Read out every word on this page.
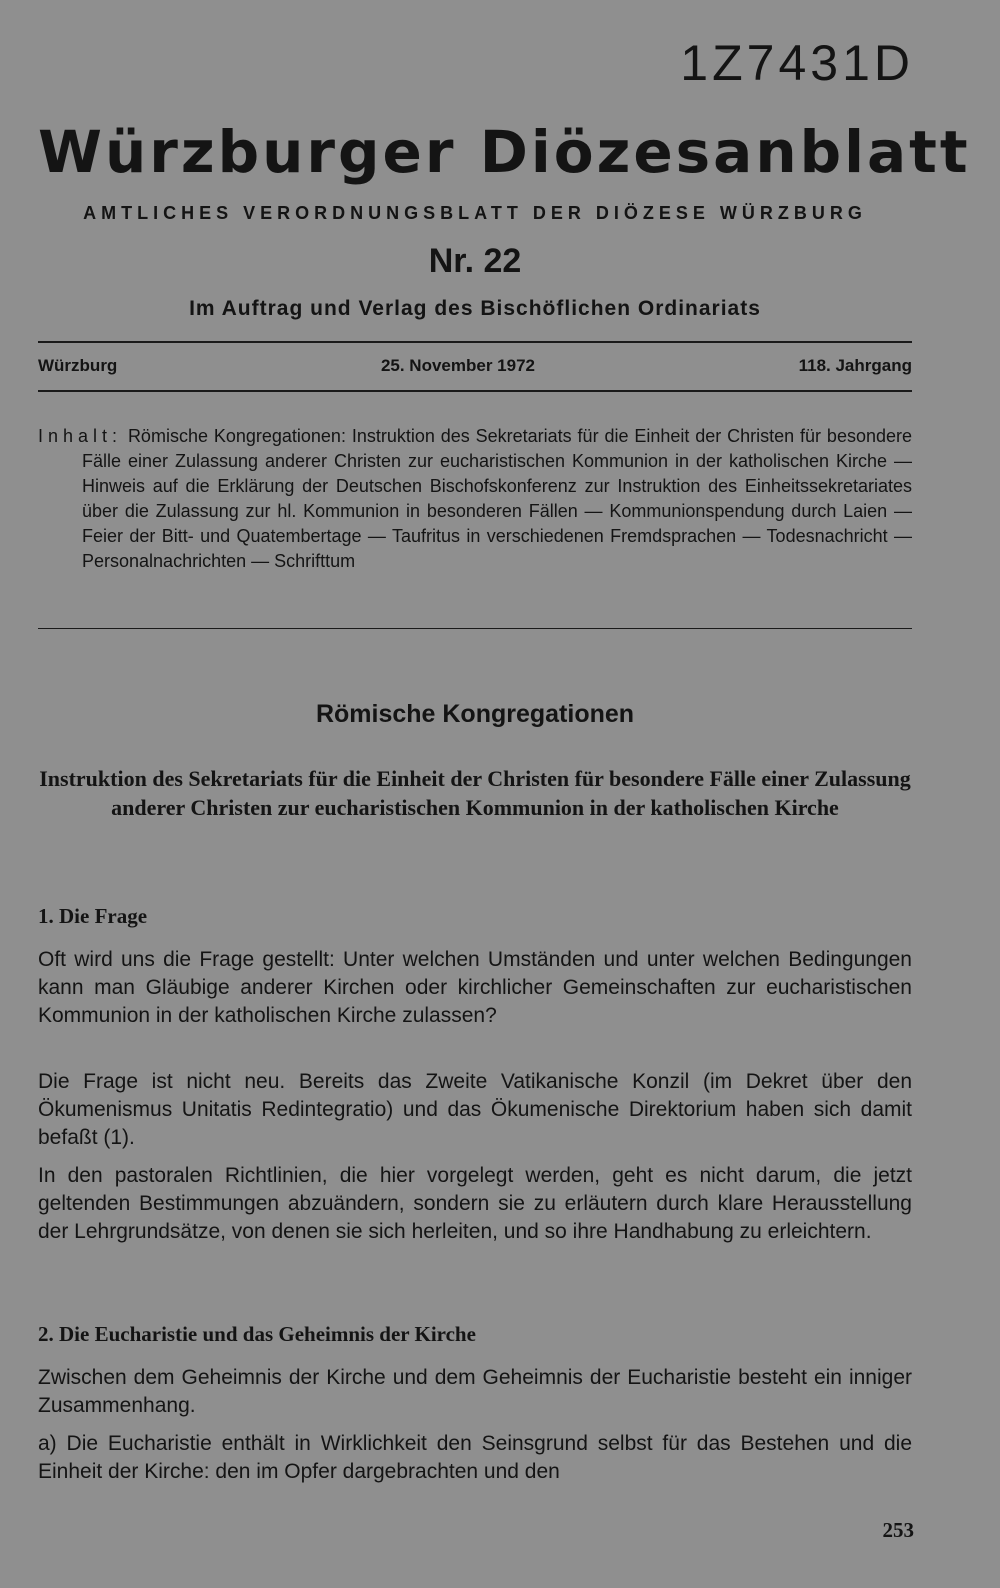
1Z7431D
Würzburger Diözesanblatt
AMTLICHES VERORDNUNGSBLATT DER DIÖZESE WÜRZBURG
Nr. 22
Im Auftrag und Verlag des Bischöflichen Ordinariats
Würzburg	25. November 1972	118. Jahrgang
Inhalt: Römische Kongregationen: Instruktion des Sekretariats für die Einheit der Christen für besondere Fälle einer Zulassung anderer Christen zur eucharistischen Kommunion in der katholischen Kirche — Hinweis auf die Erklärung der Deutschen Bischofskonferenz zur Instruktion des Einheitssekretariates über die Zulassung zur hl. Kommunion in besonderen Fällen — Kommunionspendung durch Laien — Feier der Bitt- und Quatembertage — Taufritus in verschiedenen Fremdsprachen — Todesnachricht — Personalnachrichten — Schrifttum
Römische Kongregationen
Instruktion des Sekretariats für die Einheit der Christen für besondere Fälle einer Zulassung anderer Christen zur eucharistischen Kommunion in der katholischen Kirche
1. Die Frage

Oft wird uns die Frage gestellt: Unter welchen Umständen und unter welchen Bedingungen kann man Gläubige anderer Kirchen oder kirchlicher Gemeinschaften zur eucharistischen Kommunion in der katholischen Kirche zulassen?

Die Frage ist nicht neu. Bereits das Zweite Vatikanische Konzil (im Dekret über den Ökumenismus Unitatis Redintegratio) und das Ökumenische Direktorium haben sich damit befaßt (1).

In den pastoralen Richtlinien, die hier vorgelegt werden, geht es nicht darum, die jetzt geltenden Bestimmungen abzuändern, sondern sie zu erläutern durch klare Herausstellung der Lehrgrundsätze, von denen sie sich herleiten, und so ihre Handhabung zu erleichtern.

2. Die Eucharistie und das Geheimnis der Kirche

Zwischen dem Geheimnis der Kirche und dem Geheimnis der Eucharistie besteht ein inniger Zusammenhang.

a) Die Eucharistie enthält in Wirklichkeit den Seinsgrund selbst für das Bestehen und die Einheit der Kirche: den im Opfer dargebrachten und den

253
